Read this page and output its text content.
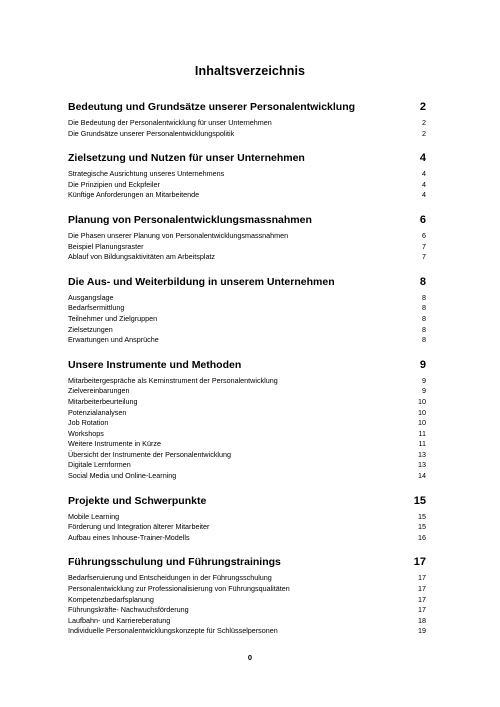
Inhaltsverzeichnis
Bedeutung und Grundsätze unserer Personalentwicklung	2
Die Bedeutung der Personalentwicklung für unser Unternehmen	2
Die Grundsätze unserer Personalentwicklungspolitik	2
Zielsetzung und Nutzen für unser Unternehmen	4
Strategische Ausrichtung unseres Unternehmens	4
Die Prinzipien und Eckpfeiler	4
Künftige Anforderungen an Mitarbeitende	4
Planung von Personalentwicklungsmassnahmen	6
Die Phasen unserer Planung von Personalentwicklungsmassnahmen	6
Beispiel Planungsraster	7
Ablauf von Bildungsaktivitäten am Arbeitsplatz	7
Die Aus- und Weiterbildung in unserem Unternehmen	8
Ausgangslage	8
Bedarfsermittlung	8
Teilnehmer und Zielgruppen	8
Zielsetzungen	8
Erwartungen und Ansprüche	8
Unsere Instrumente und Methoden	9
Mitarbeitergespräche als Kerninstrument der Personalentwicklung	9
Zielvereinbarungen	9
Mitarbeiterbeurteilung	10
Potenzialanalysen	10
Job Rotation	10
Workshops	11
Weitere Instrumente in Kürze	11
Übersicht der Instrumente der Personalentwicklung	13
Digitale Lernformen	13
Social Media und Online-Learning	14
Projekte und Schwerpunkte	15
Mobile Learning	15
Förderung und Integration älterer Mitarbeiter	15
Aufbau eines Inhouse-Trainer-Modells	16
Führungsschulung und Führungstrainings	17
Bedarfseruierung und Entscheidungen in der Führungsschulung	17
Personalentwicklung zur Professionalisierung von Führungsqualitäten	17
Kompetenzbedarfsplanung	17
Führungskräfte- Nachwuchsförderung	17
Laufbahn- und Karriereberatung	18
Individuelle Personalentwicklungskonzepte für Schlüsselpersonen	19
0
